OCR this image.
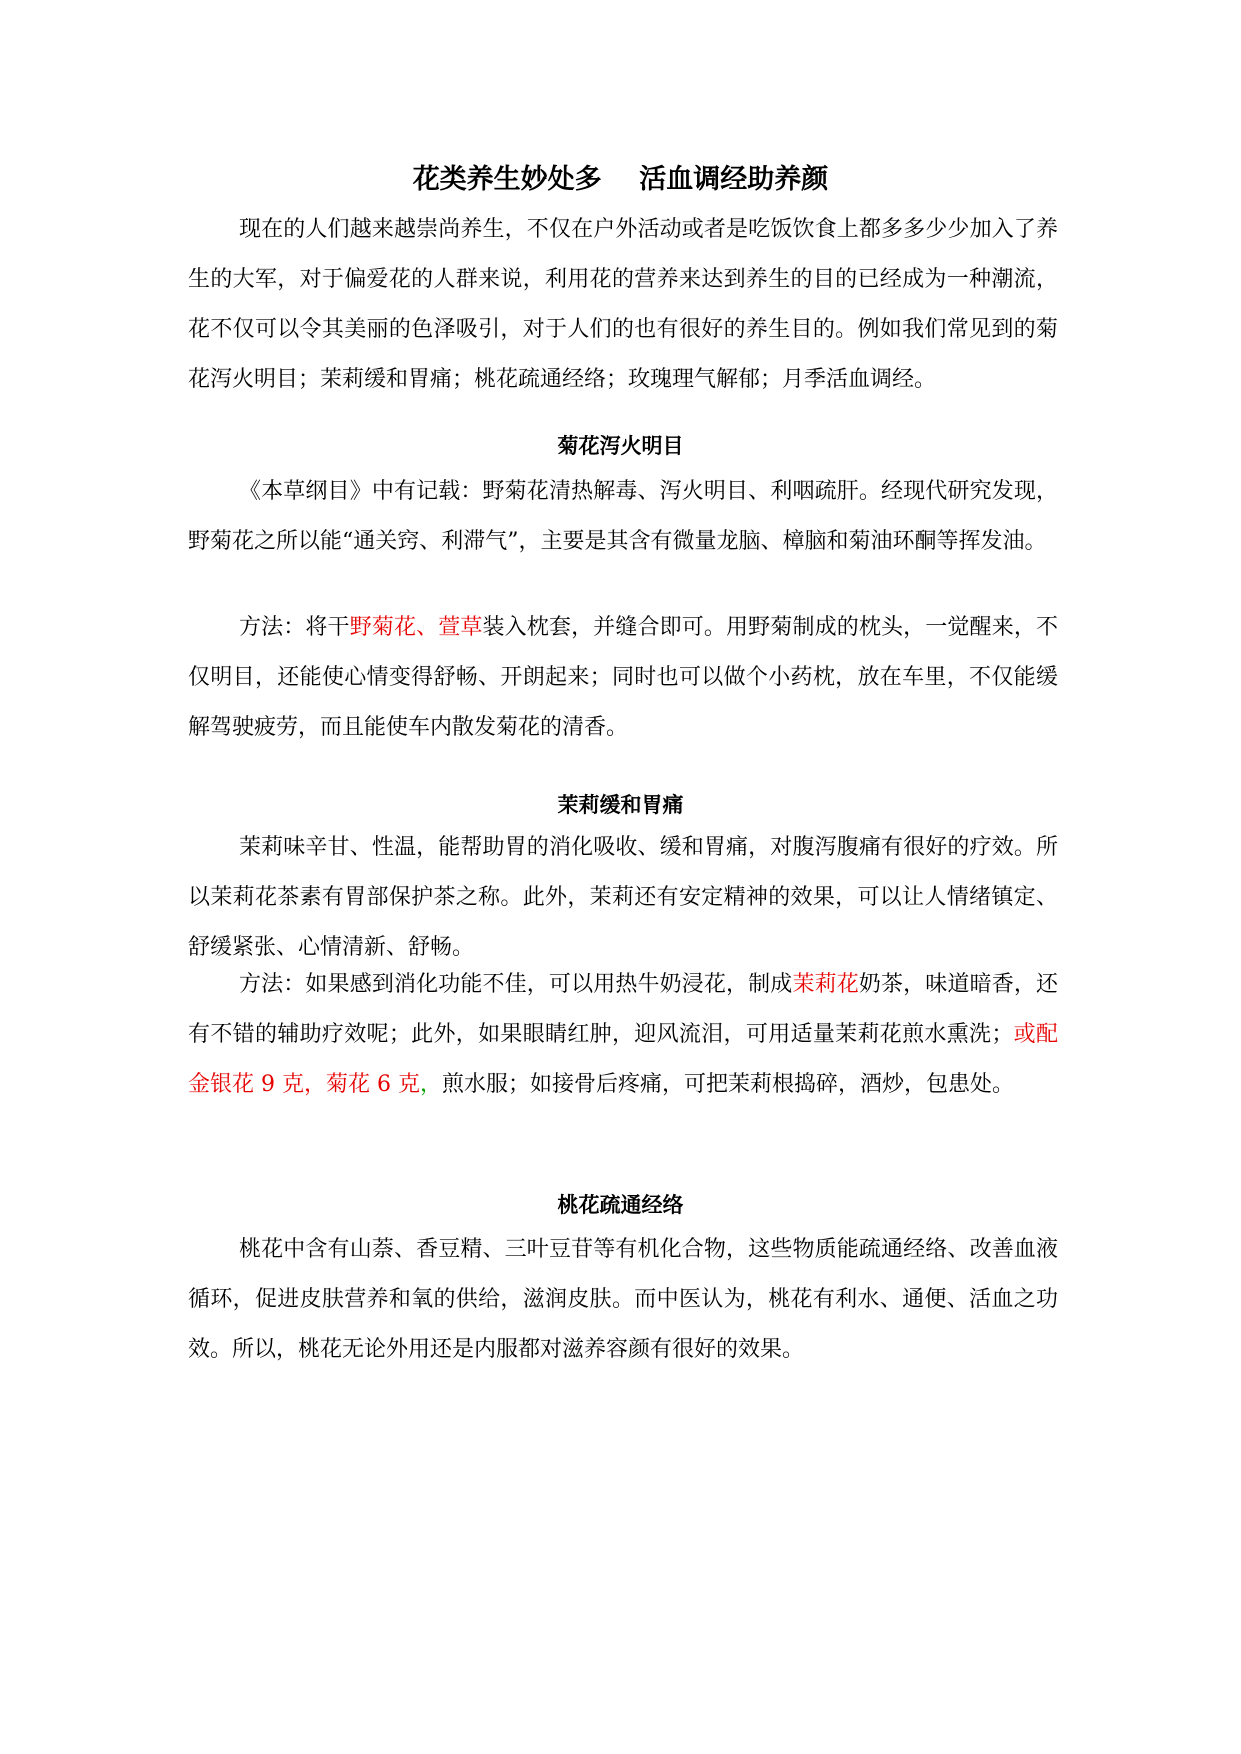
花类养生妙处多    活血调经助养颜

现在的人们越来越崇尚养生，不仅在户外活动或者是吃饭饮食上都多多少少加入了养生的大军，对于偏爱花的人群来说，利用花的营养来达到养生的目的已经成为一种潮流，花不仅可以令其美丽的色泽吸引，对于人们的也有很好的养生目的。例如我们常见到的菊花泻火明目；茉莉缓和胃痛；桃花疏通经络；玫瑰理气解郁；月季活血调经。

菊花泻火明目

《本草纲目》中有记载：野菊花清热解毒、泻火明目、利咽疏肝。经现代研究发现，野菊花之所以能“通关窍、利滞气”，主要是其含有微量龙脑、樟脑和菊油环酮等挥发油。

方法：将干野菊花、萱草装入枕套，并缝合即可。用野菊制成的枕头，一觉醒来，不仅明目，还能使心情变得舒畅、开朗起来；同时也可以做个小药枕，放在车里，不仅能缓解驾驶疲劳，而且能使车内散发菊花的清香。

茉莉缓和胃痛

茉莉味辛甘、性温，能帮助胃的消化吸收、缓和胃痛，对腹泻腹痛有很好的疗效。所以茉莉花茶素有胃部保护茶之称。此外，茉莉还有安定精神的效果，可以让人情绪镇定、舒缓紧张、心情清新、舒畅。

方法：如果感到消化功能不佳，可以用热牛奶浸花，制成茉莉花奶茶，味道暗香，还有不错的辅助疗效呢；此外，如果眼睛红肿，迎风流泪，可用适量茉莉花煎水熏洗；或配金银花 9 克，菊花 6 克，煎水服；如接骨后疼痛，可把茉莉根捣碎，酒炒，包患处。

桃花疏通经络

桃花中含有山萘、香豆精、三叶豆苷等有机化合物，这些物质能疏通经络、改善血液循环，促进皮肤营养和氧的供给，滋润皮肤。而中医认为，桃花有利水、通便、活血之功效。所以，桃花无论外用还是内服都对滋养容颜有很好的效果。
